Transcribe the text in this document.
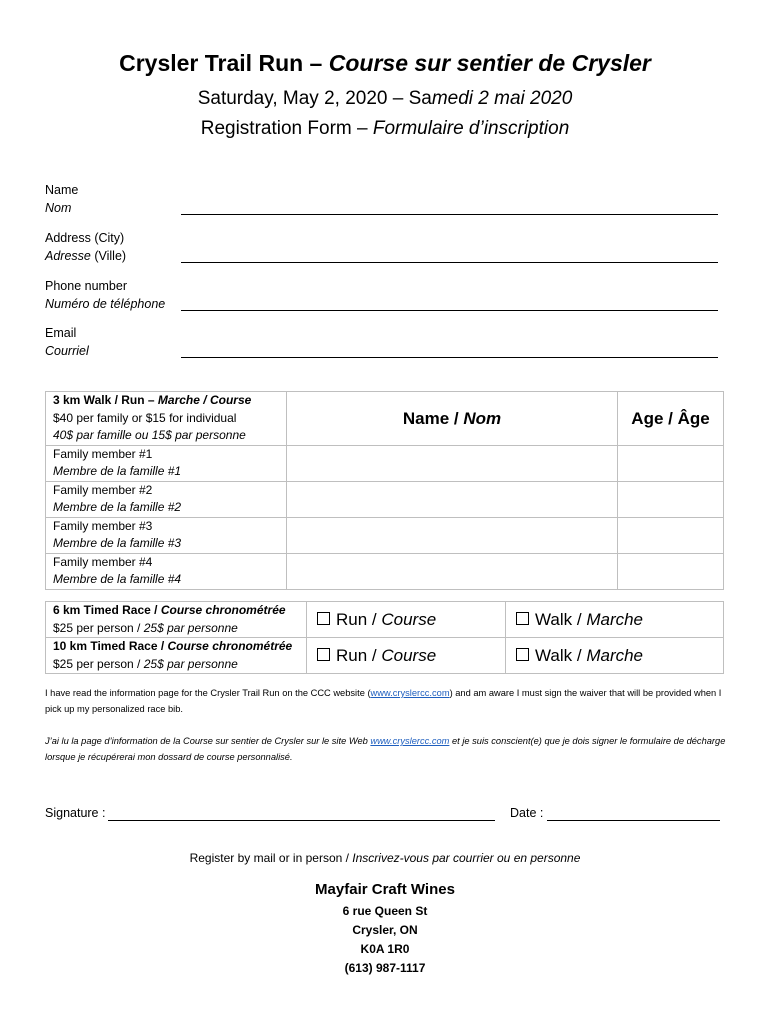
Crysler Trail Run – Course sur sentier de Crysler
Saturday, May 2, 2020 – Samedi 2 mai 2020
Registration Form – Formulaire d’inscription
Name
Nom
Address (City)
Adresse (Ville)
Phone number
Numéro de téléphone
Email
Courriel
3 km Walk / Run – Marche / Course
$40 per family or $15 for individual
40$ par famille ou 15$ par personne	Name / Nom	Age / Âge
Family member #1
Membre de la famille #1		
Family member #2
Membre de la famille #2		
Family member #3
Membre de la famille #3		
Family member #4
Membre de la famille #4		
6 km Timed Race / Course chronométrée
$25 per person / 25$ par personne	Run / Course	Walk / Marche
10 km Timed Race / Course chronométrée
$25 per person / 25$ par personne	Run / Course	Walk / Marche
I have read the information page for the Crysler Trail Run on the CCC website (www.cryslercc.com) and am aware I must sign the waiver that will be provided when I pick up my personalized race bib.
J’ai lu la page d’information de la Course sur sentier de Crysler sur le site Web www.cryslercc.com et je suis conscient(e) que je dois signer le formulaire de décharge lorsque je récupérerai mon dossard de course personnalisé.
Signature :	Date :
Register by mail or in person / Inscrivez-vous par courrier ou en personne
Mayfair Craft Wines
6 rue Queen St
Crysler, ON
K0A 1R0
(613) 987-1117
